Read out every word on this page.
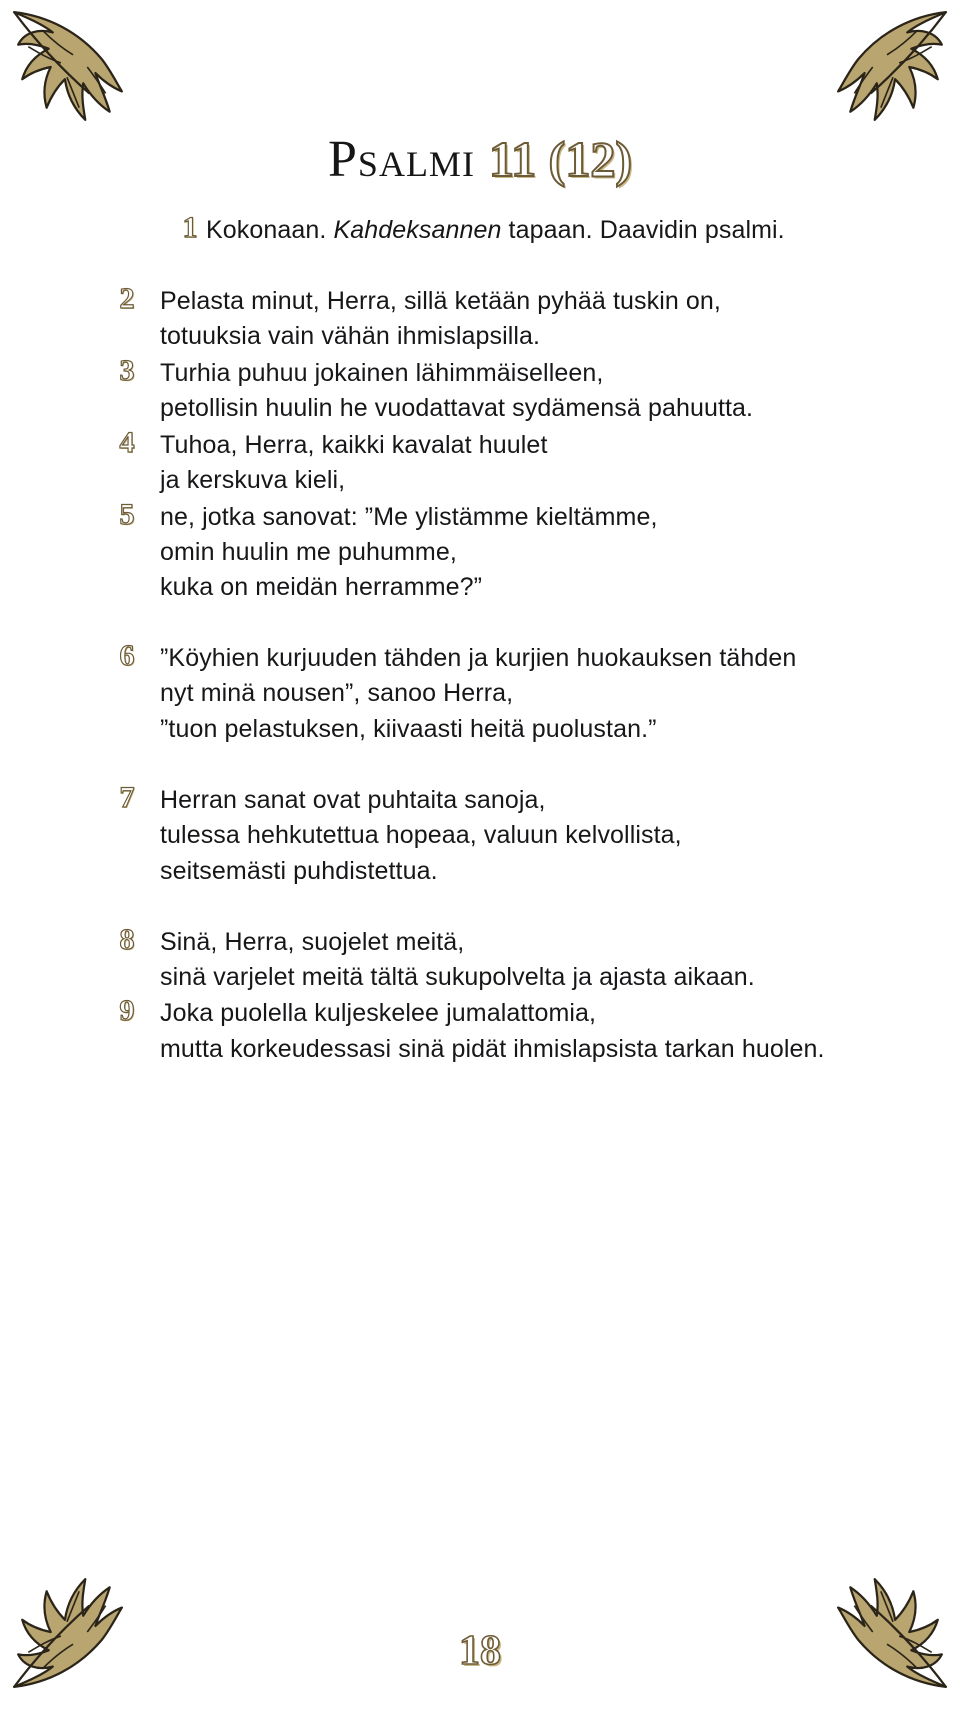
Psalmi 11 (12)
1 Kokonaan. Kahdeksannen tapaan. Daavidin psalmi.
2 Pelasta minut, Herra, sillä ketään pyhää tuskin on,
totuuksia vain vähän ihmislapsilla.
3 Turhia puhuu jokainen lähimmäiselleen,
petollisin huulin he vuodattavat sydämensä pahuutta.
4 Tuhoa, Herra, kaikki kavalat huulet
ja kerskuva kieli,
5 ne, jotka sanovat: ”Me ylistämme kieltämme,
omin huulin me puhumme,
kuka on meidän herramme?”
6 ”Köyhien kurjuuden tähden ja kurjien huokauksen tähden
nyt minä nousen”, sanoo Herra,
”tuon pelastuksen, kiivaasti heitä puolustan.”
7 Herran sanat ovat puhtaita sanoja,
tulessa hehkutettua hopeaa, valuun kelvollista,
seitsemästi puhdistettua.
8 Sinä, Herra, suojelet meitä,
sinä varjelet meitä tältä sukupolvelta ja ajasta aikaan.
9 Joka puolella kuljeskelee jumalattomia,
mutta korkeudessasi sinä pidät ihmislapsista tarkan huolen.
18
